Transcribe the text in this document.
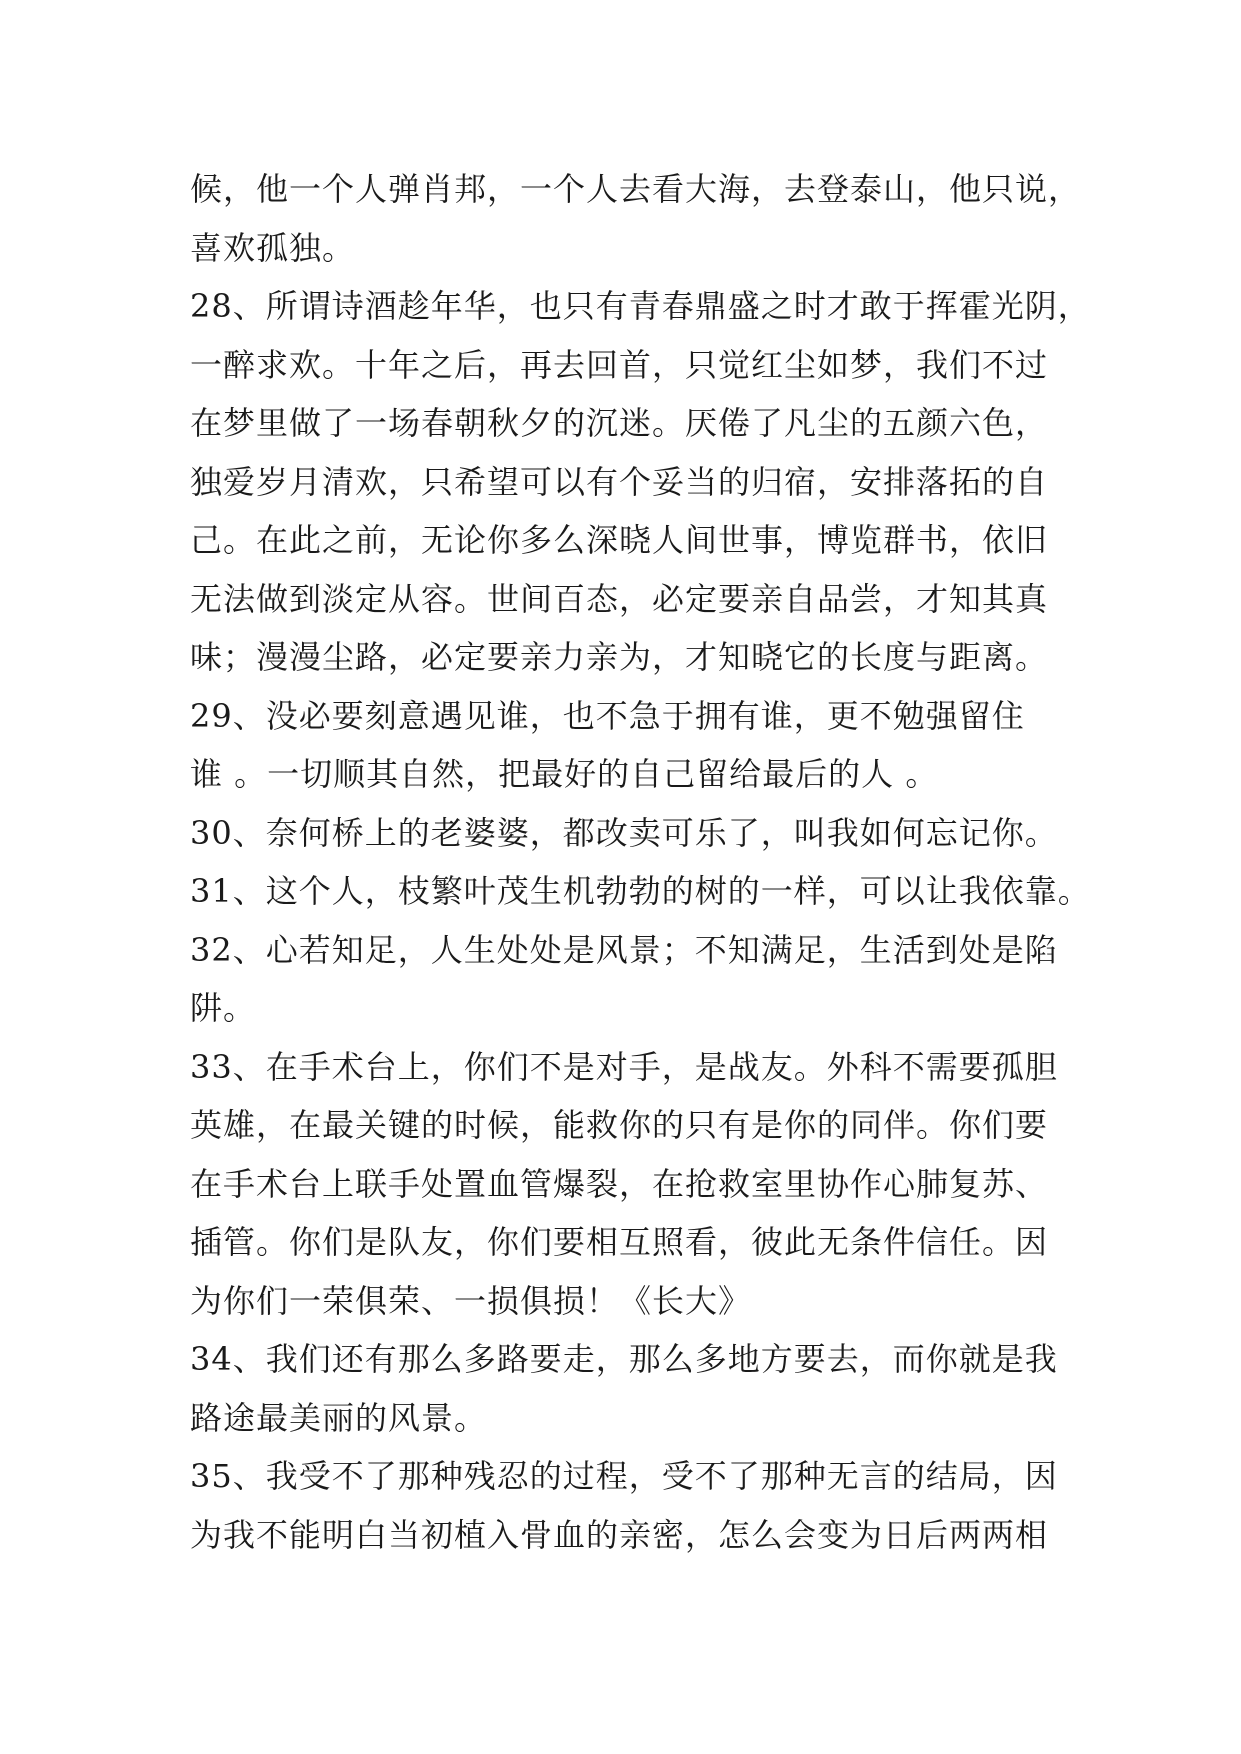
候，他一个人弹肖邦，一个人去看大海，去登泰山，他只说，
喜欢孤独。
28、所谓诗酒趁年华，也只有青春鼎盛之时才敢于挥霍光阴，
一醉求欢。十年之后，再去回首，只觉红尘如梦，我们不过
在梦里做了一场春朝秋夕的沉迷。厌倦了凡尘的五颜六色，
独爱岁月清欢，只希望可以有个妥当的归宿，安排落拓的自
己。在此之前，无论你多么深晓人间世事，博览群书，依旧
无法做到淡定从容。世间百态，必定要亲自品尝，才知其真
味；漫漫尘路，必定要亲力亲为，才知晓它的长度与距离。
29、没必要刻意遇见谁，也不急于拥有谁，更不勉强留住
谁 。一切顺其自然，把最好的自己留给最后的人 。
30、奈何桥上的老婆婆，都改卖可乐了，叫我如何忘记你。
31、这个人，枝繁叶茂生机勃勃的树的一样，可以让我依靠。
32、心若知足，人生处处是风景；不知满足，生活到处是陷
阱。
33、在手术台上，你们不是对手，是战友。外科不需要孤胆
英雄，在最关键的时候，能救你的只有是你的同伴。你们要
在手术台上联手处置血管爆裂，在抢救室里协作心肺复苏、
插管。你们是队友，你们要相互照看，彼此无条件信任。因
为你们一荣俱荣、一损俱损！《长大》
34、我们还有那么多路要走，那么多地方要去，而你就是我
路途最美丽的风景。
35、我受不了那种残忍的过程，受不了那种无言的结局，因
为我不能明白当初植入骨血的亲密，怎么会变为日后两两相
